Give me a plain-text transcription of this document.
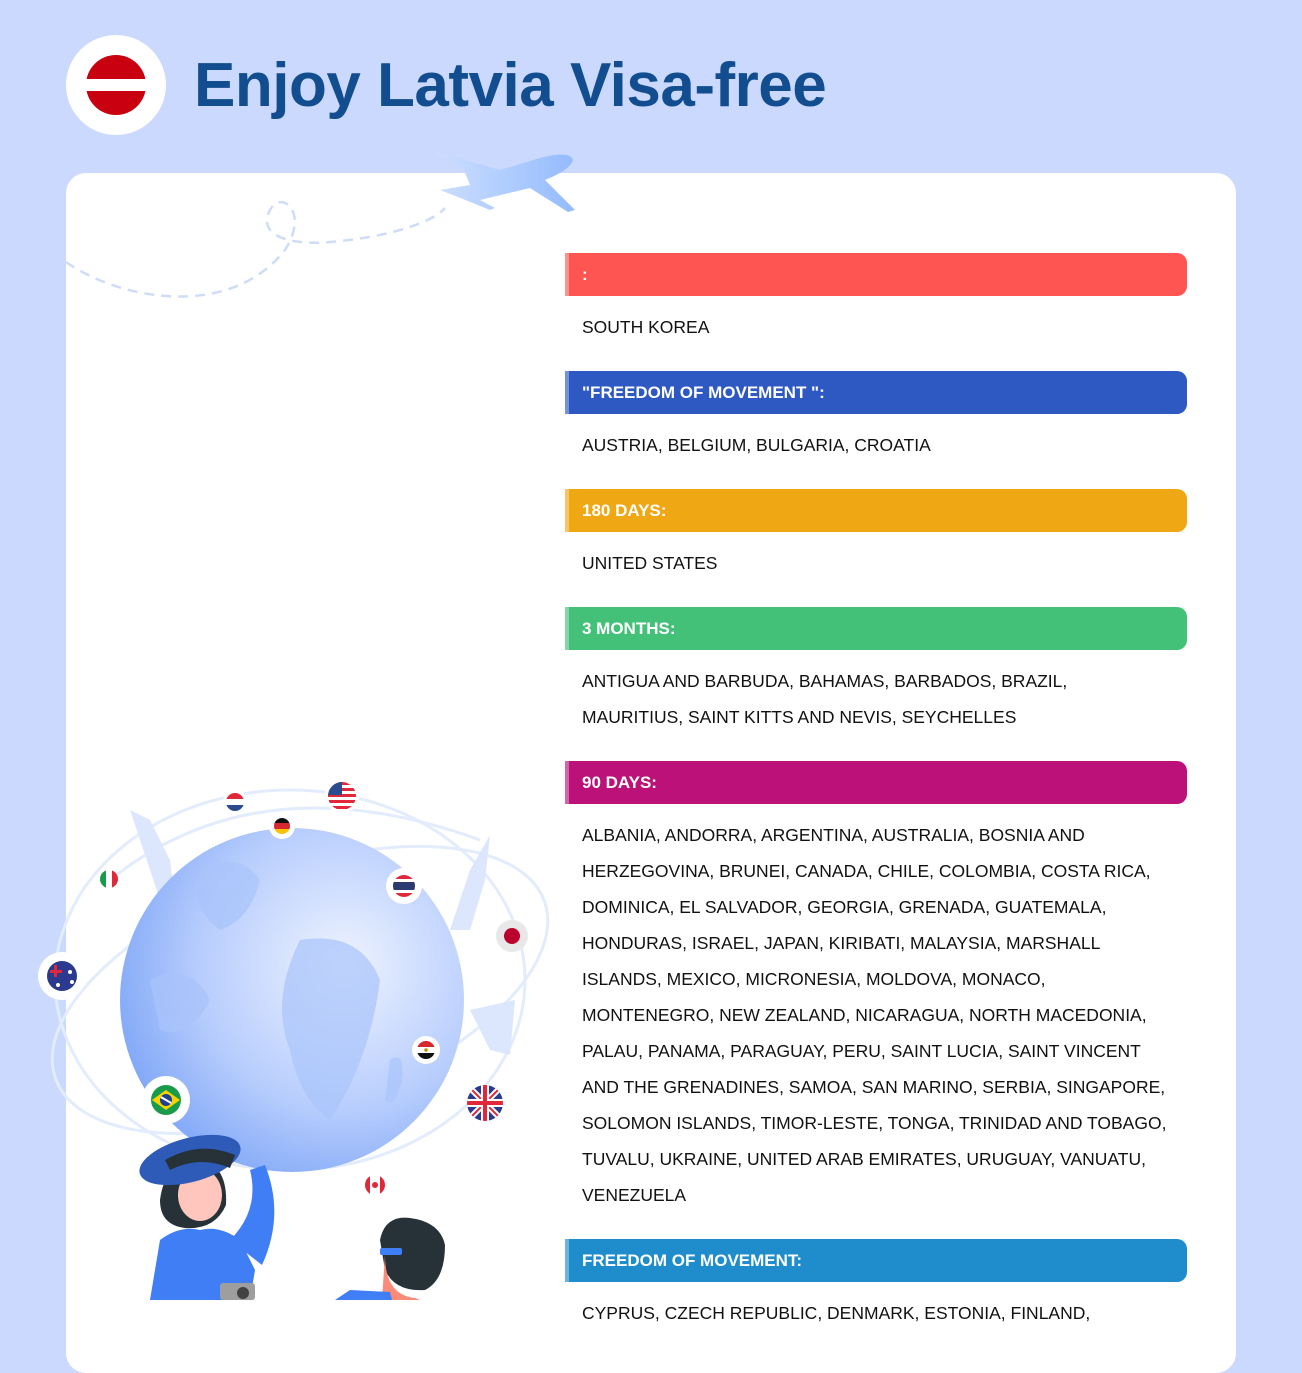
Enjoy Latvia Visa-free
:
SOUTH KOREA
"FREEDOM OF MOVEMENT ":
AUSTRIA, BELGIUM, BULGARIA, CROATIA
180 DAYS:
UNITED STATES
3 MONTHS:
ANTIGUA AND BARBUDA, BAHAMAS, BARBADOS, BRAZIL, MAURITIUS, SAINT KITTS AND NEVIS, SEYCHELLES
90 DAYS:
ALBANIA, ANDORRA, ARGENTINA, AUSTRALIA, BOSNIA AND HERZEGOVINA, BRUNEI, CANADA, CHILE, COLOMBIA, COSTA RICA, DOMINICA, EL SALVADOR, GEORGIA, GRENADA, GUATEMALA, HONDURAS, ISRAEL, JAPAN, KIRIBATI, MALAYSIA, MARSHALL ISLANDS, MEXICO, MICRONESIA, MOLDOVA, MONACO, MONTENEGRO, NEW ZEALAND, NICARAGUA, NORTH MACEDONIA, PALAU, PANAMA, PARAGUAY, PERU, SAINT LUCIA, SAINT VINCENT AND THE GRENADINES, SAMOA, SAN MARINO, SERBIA, SINGAPORE, SOLOMON ISLANDS, TIMOR-LESTE, TONGA, TRINIDAD AND TOBAGO, TUVALU, UKRAINE, UNITED ARAB EMIRATES, URUGUAY, VANUATU, VENEZUELA
FREEDOM OF MOVEMENT:
CYPRUS, CZECH REPUBLIC, DENMARK, ESTONIA, FINLAND,
